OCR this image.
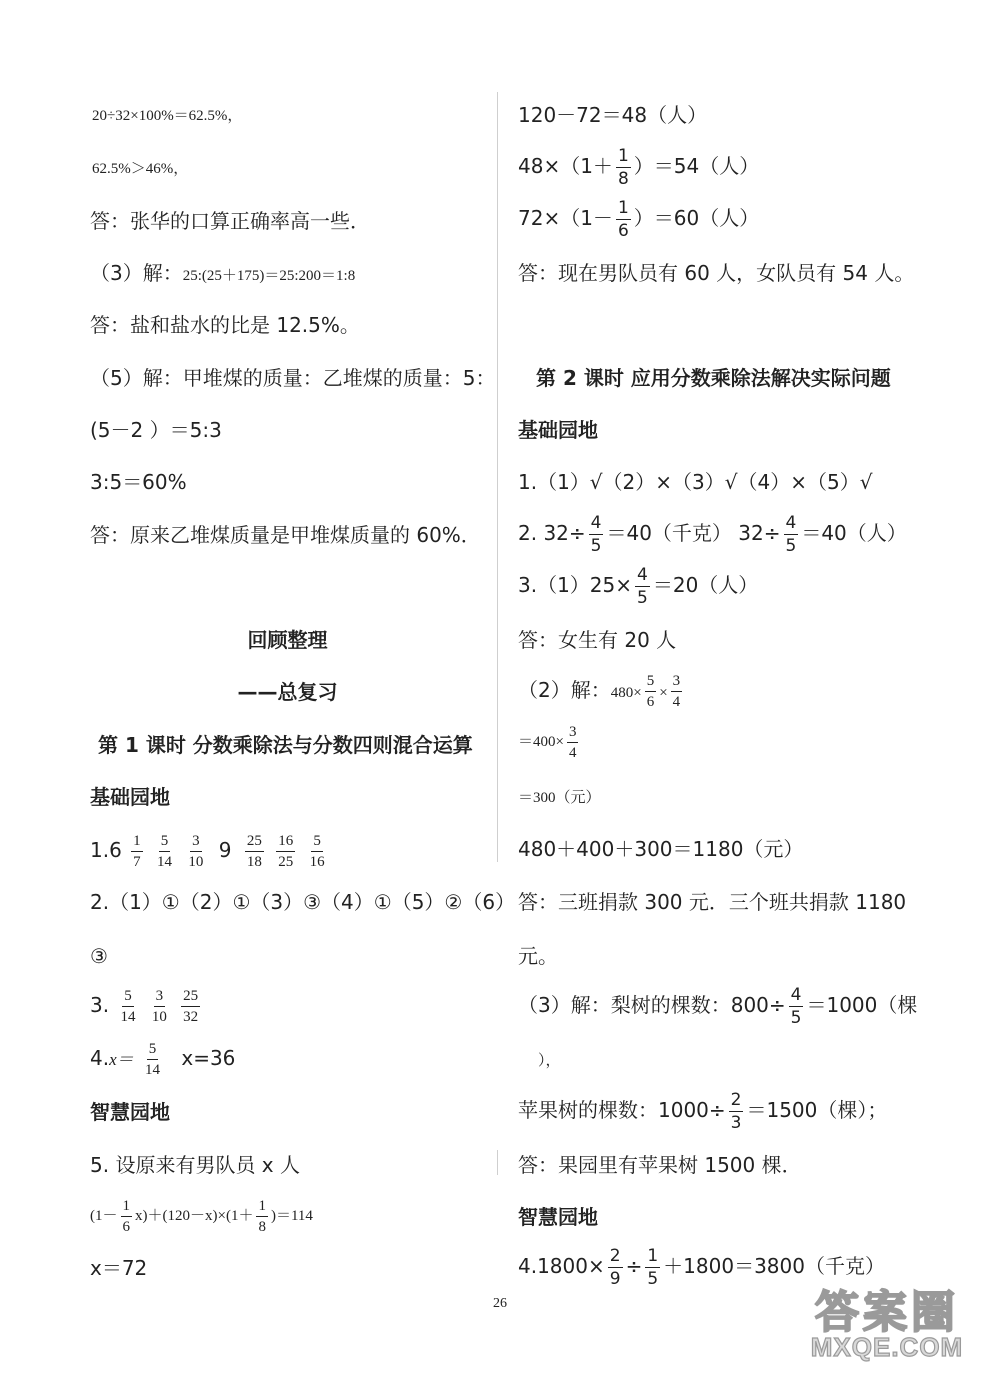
20÷32×100%＝62.5%，
62.5%＞46%，
答：张华的口算正确率高一些．
（3）解：25:(25＋175)＝25:200＝1:8
答：盐和盐水的比是 12.5%。
（5）解：甲堆煤的质量：乙堆煤的质量：5：
(5－2 ）＝5:3
3:5＝60%
答：原来乙堆煤质量是甲堆煤质量的 60%．
回顾整理
——总复习
第 1 课时 分数乘除法与分数四则混合运算
基础园地
$1.6 \frac{1}{7}$
$\frac{5}{14}$
$\frac{3}{10} 9 \frac{25}{18}$
$\frac{16}{25}$
$\frac{5}{16}$
2.（1）①（2）①（3）③（4）①（5）②（6）
③
3. $\frac{5}{14}$
$\frac{3}{10}$
$\frac{25}{32}$
$4.x= \frac{5}{14} x=36$
智慧园地
5. 设原来有男队员 x 人
$(1- \frac{1}{6} x)+(120-x)\times(1+ \frac{1}{8} )=114$
x＝72
120－72＝48（人）
$48\times(1+ \frac{1}{8} )=54$（人）
$72\times(1- \frac{1}{6} )=60$（人）
答：现在男队员有 60 人，女队员有 54 人。
第 2 课时 应用分数乘除法解决实际问题
基础园地
1.（1）√（2）×（3）√（4）×（5）√
2. $32\div \frac{4}{5} =40$（千克） $32\div \frac{4}{5} =40$（人）
$3.(1)25\times \frac{4}{5} =20$（人）
答：女生有 20 人
（2）解：$480\times \frac{5}{6} \times \frac{3}{4}$
$=400\times \frac{3}{4}$
＝300（元）
480＋400＋300＝1180（元）
答：三班捐款 300 元．三个班共捐款 1180
元。
（3）解：梨树的棵数：$800\div \frac{4}{5} =1000$（棵
），
苹果树的棵数：$1000\div \frac{2}{3} =1500$（棵）；
答：果园里有苹果树 1500 棵．
智慧园地
$4.1800\times \frac{2}{9} \div \frac{1}{5} +1800=3800$（千克）
26	答案圈
MXQE.COM
